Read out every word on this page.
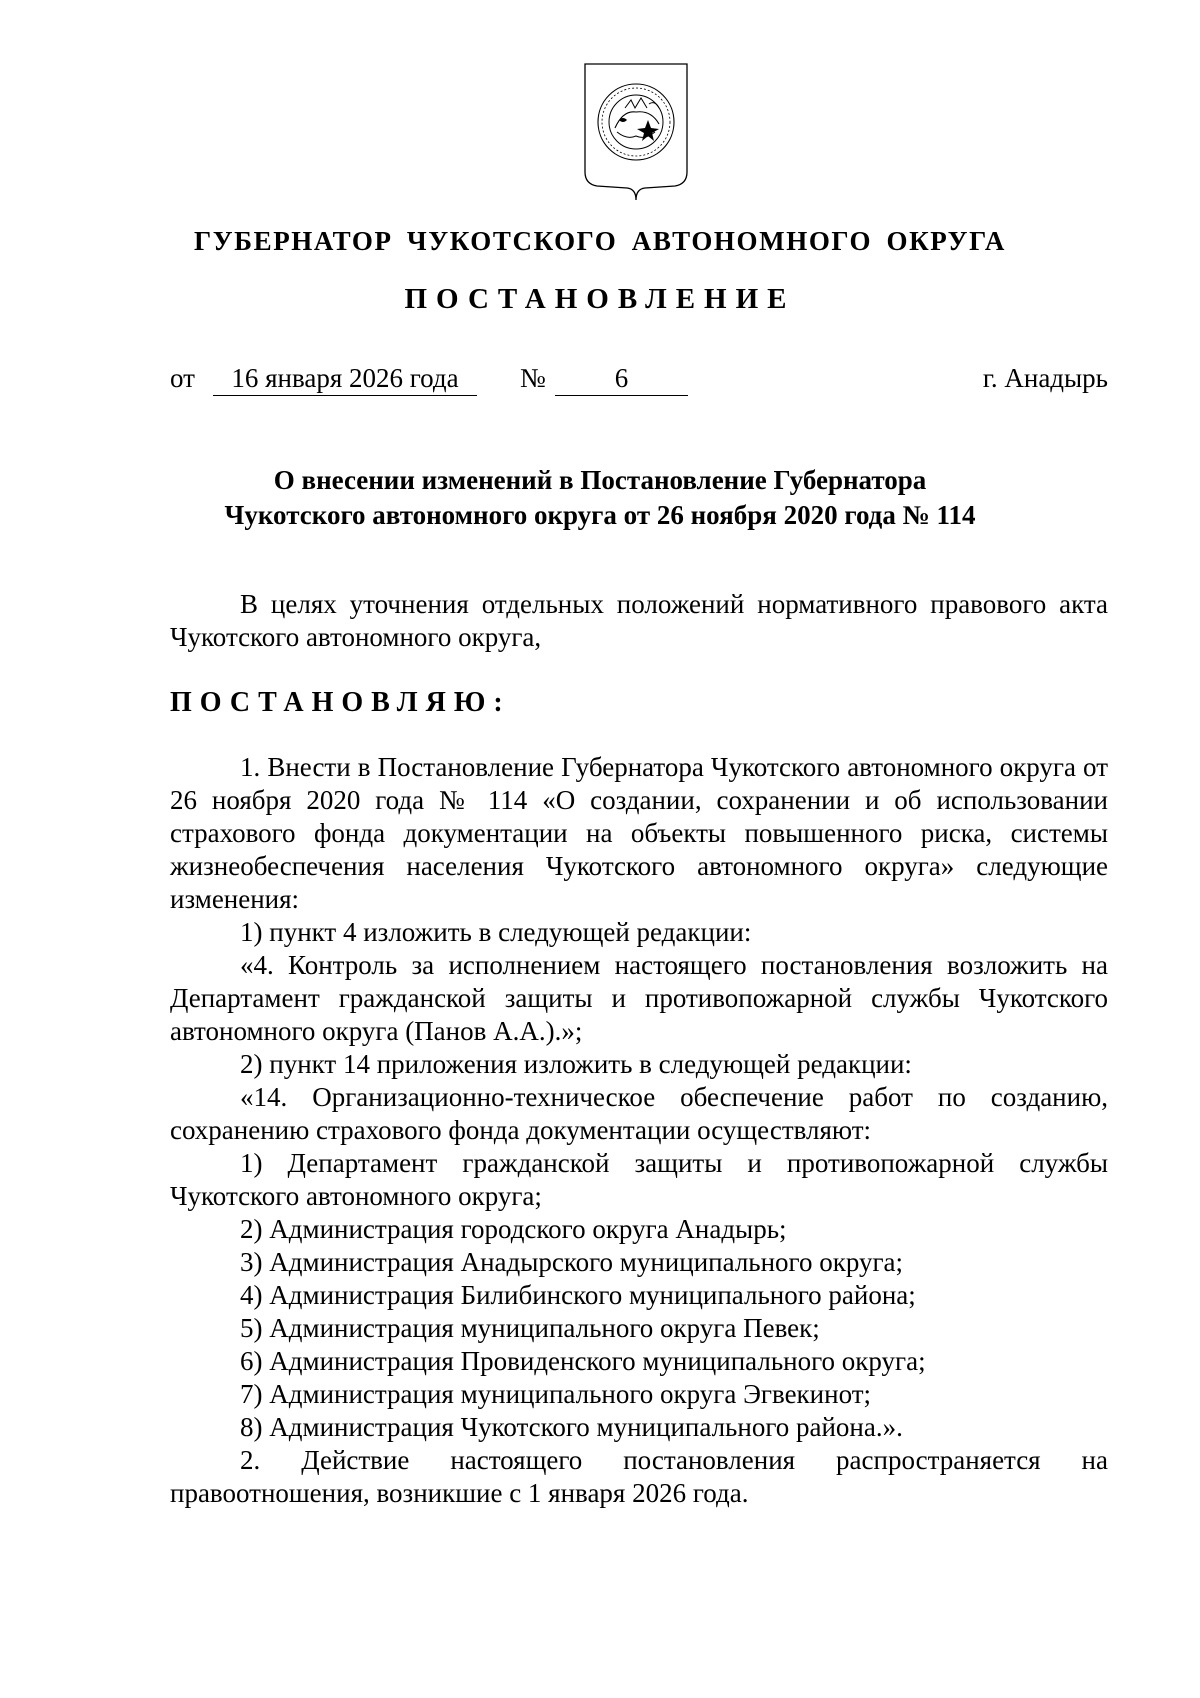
ГУБЕРНАТОР ЧУКОТСКОГО АВТОНОМНОГО ОКРУГА
ПОСТАНОВЛЕНИЕ
от	16 января 2026 года	№	6	г. Анадырь
О внесении изменений в Постановление Губернатора
Чукотского автономного округа от 26 ноября 2020 года № 114
В целях уточнения отдельных положений нормативного правового акта Чукотского автономного округа,
ПОСТАНОВЛЯЮ:

1. Внести в Постановление Губернатора Чукотского автономного округа от 26 ноября 2020 года № 114 «О создании, сохранении и об использовании страхового фонда документации на объекты повышенного риска, системы жизнеобеспечения населения Чукотского автономного округа» следующие изменения:

1) пункт 4 изложить в следующей редакции:

«4. Контроль за исполнением настоящего постановления возложить на Департамент гражданской защиты и противопожарной службы Чукотского автономного округа (Панов А.А.).»;

2) пункт 14 приложения изложить в следующей редакции:

«14. Организационно-техническое обеспечение работ по созданию, сохранению страхового фонда документации осуществляют:

1) Департамент гражданской защиты и противопожарной службы Чукотского автономного округа;

2) Администрация городского округа Анадырь;

3) Администрация Анадырского муниципального округа;

4) Администрация Билибинского муниципального района;

5) Администрация муниципального округа Певек;

6) Администрация Провиденского муниципального округа;

7) Администрация муниципального округа Эгвекинот;

8) Администрация Чукотского муниципального района.».

2. Действие настоящего постановления распространяется на правоотношения, возникшие с 1 января 2026 года.
